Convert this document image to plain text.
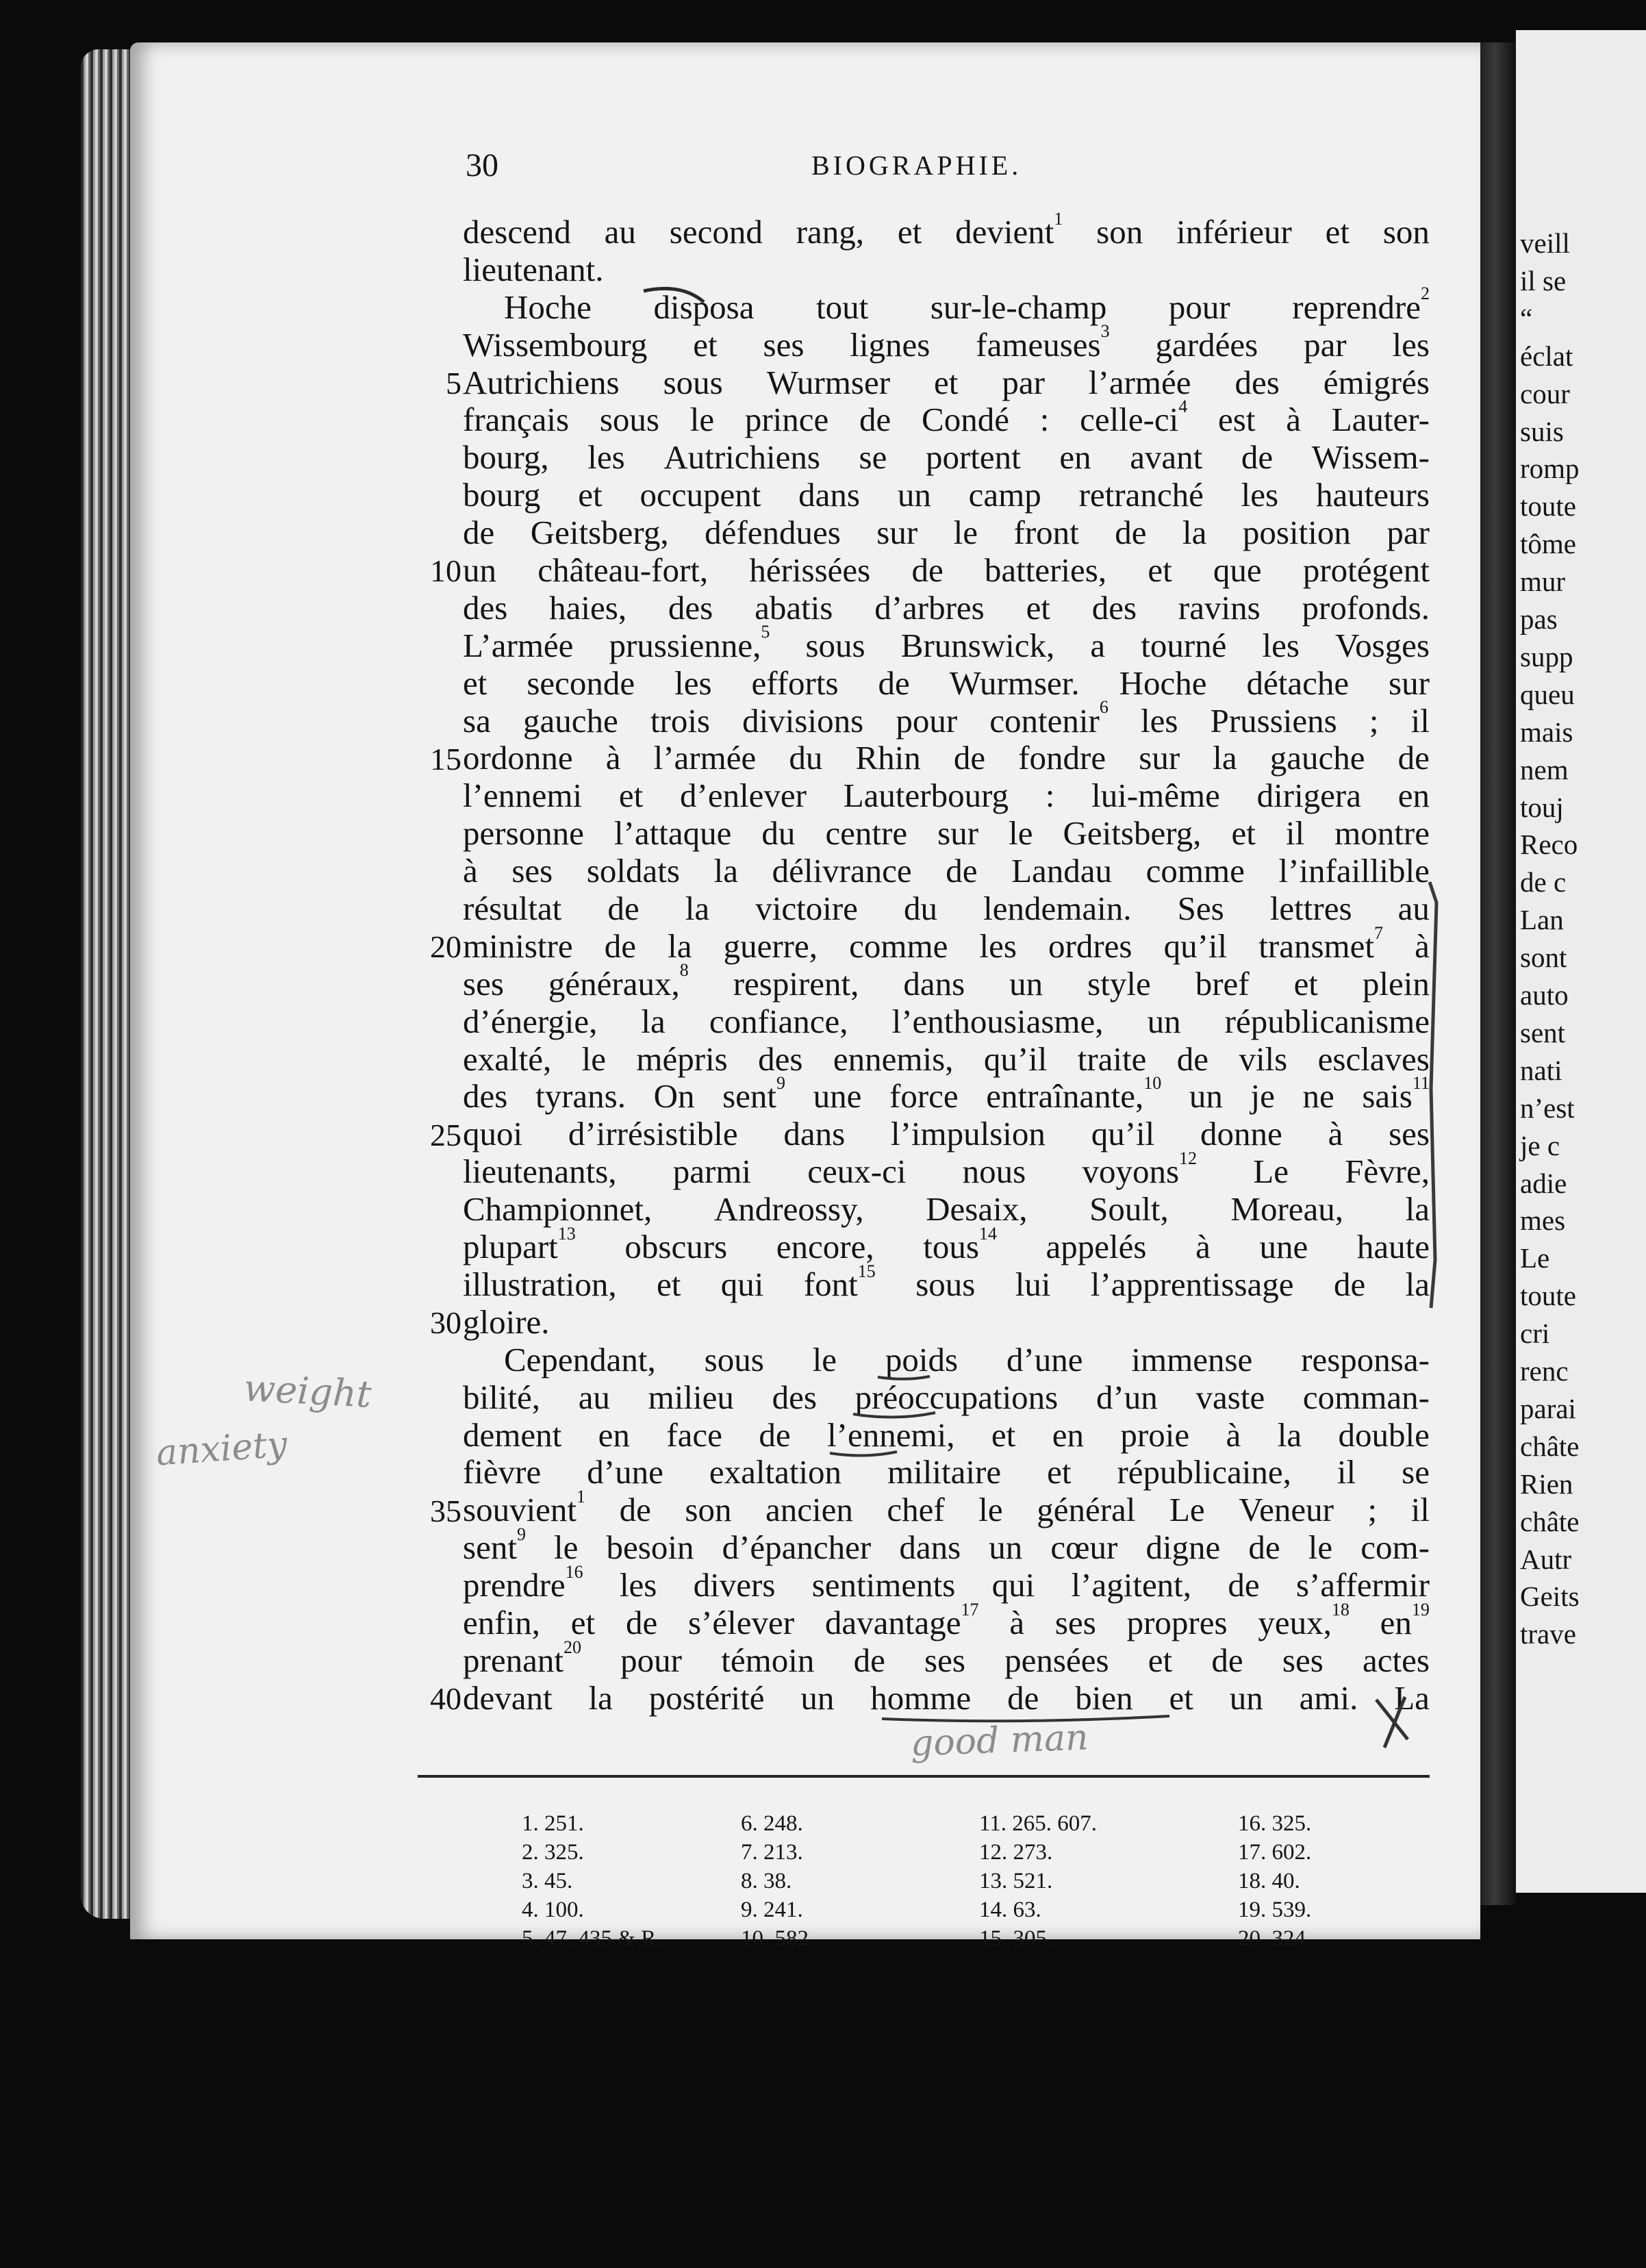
veill
il se
“
éclat
cour
suis
romp
toute
tôme
mur
pas
supp
queu
mais
nem
touj
Reco
de c
Lan
sont
auto
sent
nati
n’est
je c
adie
mes
Le
toute
cri
renc
parai
châte
Rien
châte
Autr
Geits
trave
30	BIOGRAPHIE.
descend au second rang, et devient$^1$ son inférieur et son
lieutenant.
Hoche disposa tout sur-le-champ pour reprendre$^2$
Wissembourg et ses lignes fameuses$^3$ gardées par les
Autrichiens sous Wurmser et par l’armée des émigrés
français sous le prince de Condé : celle-$ci^4$ est à Lauter-
bourg, les Autrichiens se portent en avant de Wissem-
bourg et occupent dans un camp retranché les hauteurs
de Geitsberg, défendues sur le front de la position par
un château-fort, hérissées de batteries, et que protégent
des haies, des abatis d’arbres et des ravins profonds.
L’armée prussienne,$^5$ sous Brunswick, a tourné les Vosges
et seconde les efforts de Wurmser. Hoche détache sur
sa gauche trois divisions pour contenir$^6$ les Prussiens ; il
ordonne à l’armée du Rhin de fondre sur la gauche de
l’ennemi et d’enlever Lauterbourg : lui-même dirigera en
personne l’attaque du centre sur le Geitsberg, et il montre
à ses soldats la délivrance de Landau comme l’infaillible
résultat de la victoire du lendemain. Ses lettres au
ministre de la guerre, comme les ordres qu’il transmet$^7$ à
ses généraux,$^8$ respirent, dans un style bref et plein
d’énergie, la confiance, l’enthousiasme, un républicanisme
exalté, le mépris des ennemis, qu’il traite de vils esclaves
des tyrans. On sent$^9$ une force entraînante,$^{10}$ un je ne sais$^{11}$
quoi d’irrésistible dans l’impulsion qu’il donne à ses
lieutenants, parmi ceux-ci nous voyons$^{12}$ Le Fèvre,
Championnet, Andreossy, Desaix, Soult, Moreau, la
plupart$^{13}$ obscurs encore, tous$^{14}$ appelés à une haute
illustration, et qui font$^{15}$ sous lui l’apprentissage de la
gloire.
Cependant, sous le poids d’une immense responsa-
bilité, au milieu des préoccupations d’un vaste comman-
dement en face de l’ennemi, et en proie à la double
fièvre d’une exaltation militaire et républicaine, il se
souvient$^1$ de son ancien chef le général Le Veneur ; il
sent$^9$ le besoin d’épancher dans un cœur digne de le com-
prendre$^{16}$ les divers sentiments qui l’agitent, de s’affermir
enfin, et de s’élever davantage$^{17}$ à ses propres yeux,$^{18}$ $en^{19}$
prenant$^{20}$ pour témoin de ses pensées et de ses actes
devant la postérité un homme de bien et un ami. La
5
10
15
20
25
30
35
40
1. 251.
2. 325.
3. 45.
4. 100.
5. 47. 435 & R.
6. 248.
7. 213.
8. 38.
9. 241.
10. 582.
11. 265. 607.
12. 273.
13. 521.
14. 63.
15. 305.
16. 325.
17. 602.
18. 40.
19. 539.
20. 324.
weight
anxiety
good man
